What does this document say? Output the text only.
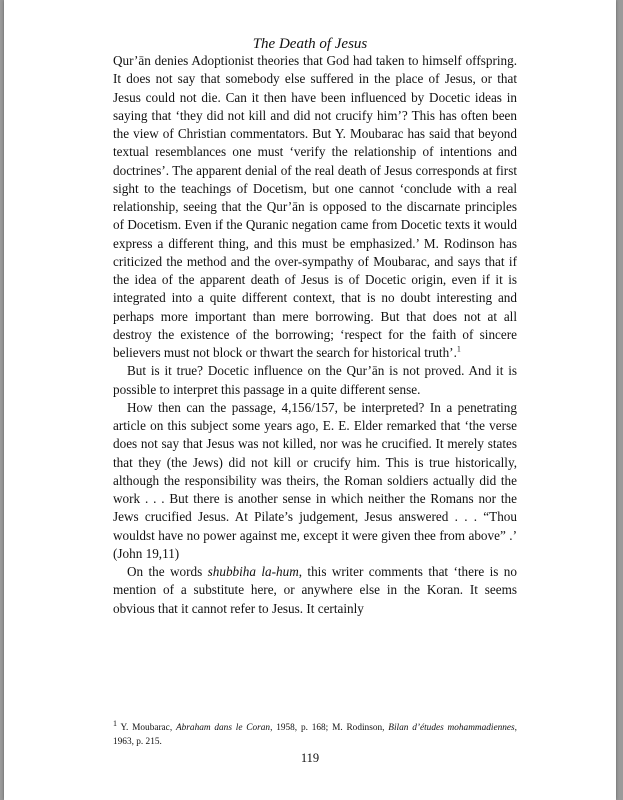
The Death of Jesus

Qur’ān denies Adoptionist theories that God had taken to himself offspring. It does not say that somebody else suffered in the place of Jesus, or that Jesus could not die. Can it then have been influenced by Docetic ideas in saying that ‘they did not kill and did not crucify him’? This has often been the view of Christian commentators. But Y. Moubarac has said that beyond textual resemblances one must ‘verify the relationship of intentions and doctrines’. The apparent denial of the real death of Jesus corresponds at first sight to the teachings of Docetism, but one cannot ‘conclude with a real relationship, seeing that the Qur’ān is opposed to the discarnate principles of Docetism. Even if the Quranic negation came from Docetic texts it would express a different thing, and this must be emphasized.’ M. Rodinson has criticized the method and the over-sympathy of Moubarac, and says that if the idea of the apparent death of Jesus is of Docetic origin, even if it is integrated into a quite different context, that is no doubt interesting and perhaps more important than mere borrowing. But that does not at all destroy the existence of the borrowing; ‘respect for the faith of sincere believers must not block or thwart the search for historical truth’.$^1$

But is it true? Docetic influence on the Qur’ān is not proved. And it is possible to interpret this passage in a quite different sense.

How then can the passage, 4,156/157, be interpreted? In a penetrating article on this subject some years ago, E. E. Elder remarked that ‘the verse does not say that Jesus was not killed, nor was he crucified. It merely states that they (the Jews) did not kill or crucify him. This is true historically, although the responsibility was theirs, the Roman soldiers actually did the work . . . But there is another sense in which neither the Romans nor the Jews crucified Jesus. At Pilate’s judgement, Jesus answered . . . “Thou wouldst have no power against me, except it were given thee from above” .’ (John 19,11)

On the words shubbiha la-hum, this writer comments that ‘there is no mention of a substitute here, or anywhere else in the Koran. It seems obvious that it cannot refer to Jesus. It certainly

1 Y. Moubarac, Abraham dans le Coran, 1958, p. 168; M. Rodinson, Bilan d’études mohammadiennes, 1963, p. 215.

119
